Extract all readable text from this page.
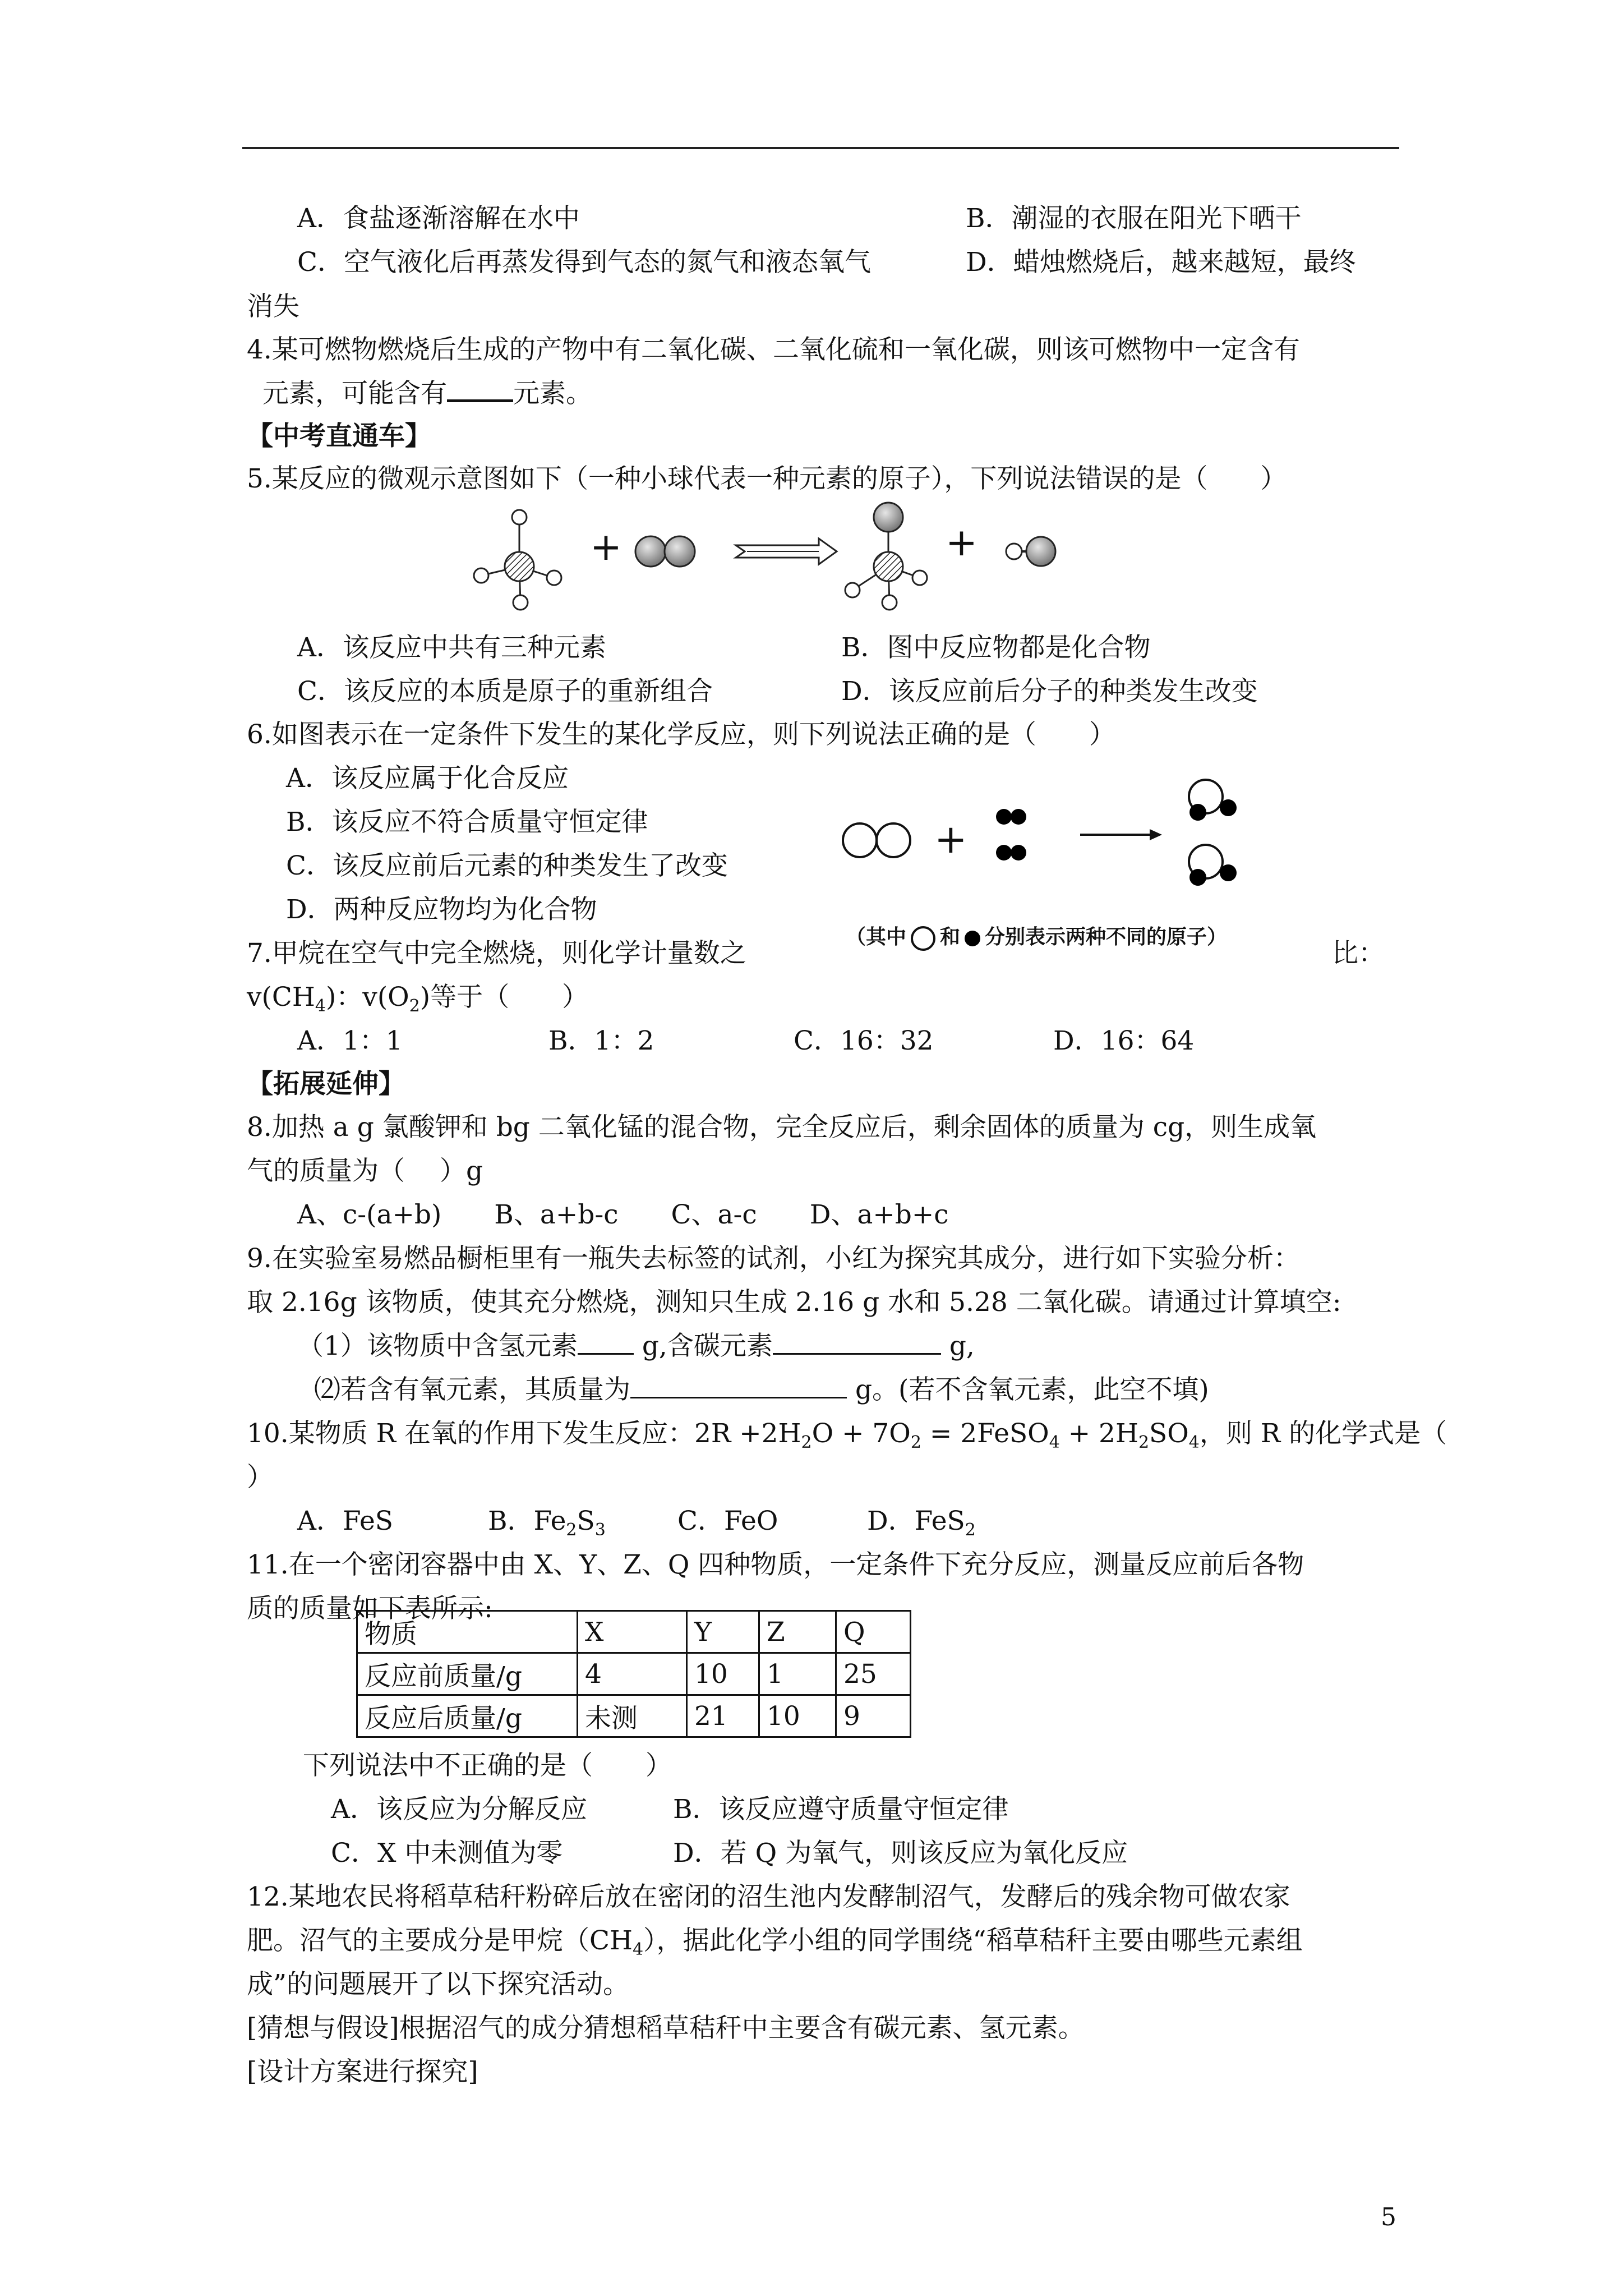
A．食盐逐渐溶解在水中	B．潮湿的衣服在阳光下晒干
C．空气液化后再蒸发得到气态的氮气和液态氧气	D．蜡烛燃烧后，越来越短，最终
消失
4.某可燃物燃烧后生成的产物中有二氧化碳、二氧化硫和一氧化碳，则该可燃物中一定含有
元素，可能含有	元素。
【中考直通车】
5.某反应的微观示意图如下（一种小球代表一种元素的原子），下列说法错误的是（　　）
+	+
A．该反应中共有三种元素	B．图中反应物都是化合物
C．该反应的本质是原子的重新组合	D．该反应前后分子的种类发生改变
6.如图表示在一定条件下发生的某化学反应，则下列说法正确的是（　　）
A．该反应属于化合反应
B．该反应不符合质量守恒定律
C．该反应前后元素的种类发生了改变
D．两种反应物均为化合物
+
（其中 和 分别表示两种不同的原子）
7.甲烷在空气中完全燃烧，则化学计量数之	比：
$v(CH_4)$：$v(O_2)$等于（　　）
A．1：1	B．1：2	C．16：32	D．16：64
【拓展延伸】
8.加热 a g 氯酸钾和 bg 二氧化锰的混合物，完全反应后，剩余固体的质量为 cg，则生成氧
气的质量为（　 ）g
A、c-(a+b)　　B、a+b-c　　C、a-c　　D、a+b+c
9.在实验室易燃品橱柜里有一瓶失去标签的试剂，小红为探究其成分，进行如下实验分析：
取 2.16g 该物质，使其充分燃烧，测知只生成 2.16 g 水和 5.28 二氧化碳。请通过计算填空:
（1）该物质中含氢元素 g,含碳元素	g,
⑵若含有氧元素，其质量为	g。(若不含氧元素，此空不填)
10.某物质 R 在氧的作用下发生反应：$2R +2H_2O + 7O_2$ = 2FeSO$_4$ + $2H_2SO_4$，则 R 的化学式是（
）
A．FeS	B．$Fe_2S_3$	C．FeO	D．FeS$_2$
11.在一个密闭容器中由 X、Y、Z、Q 四种物质，一定条件下充分反应，测量反应前后各物
质的质量如下表所示:
物质	X	Y	Z	Q
反应前质量/g	4	10	1	25
反应后质量/g	未测	21	10	9
下列说法中不正确的是（　　）
A．该反应为分解反应	B．该反应遵守质量守恒定律
C．X 中未测值为零	D．若 Q 为氧气，则该反应为氧化反应
12.某地农民将稻草秸秆粉碎后放在密闭的沼生池内发酵制沼气，发酵后的残余物可做农家
肥。沼气的主要成分是甲烷$(CH_4)$，据此化学小组的同学围绕“稻草秸秆主要由哪些元素组
成”的问题展开了以下探究活动。
[猜想与假设]根据沼气的成分猜想稻草秸秆中主要含有碳元素、氢元素。
[设计方案进行探究]
5
